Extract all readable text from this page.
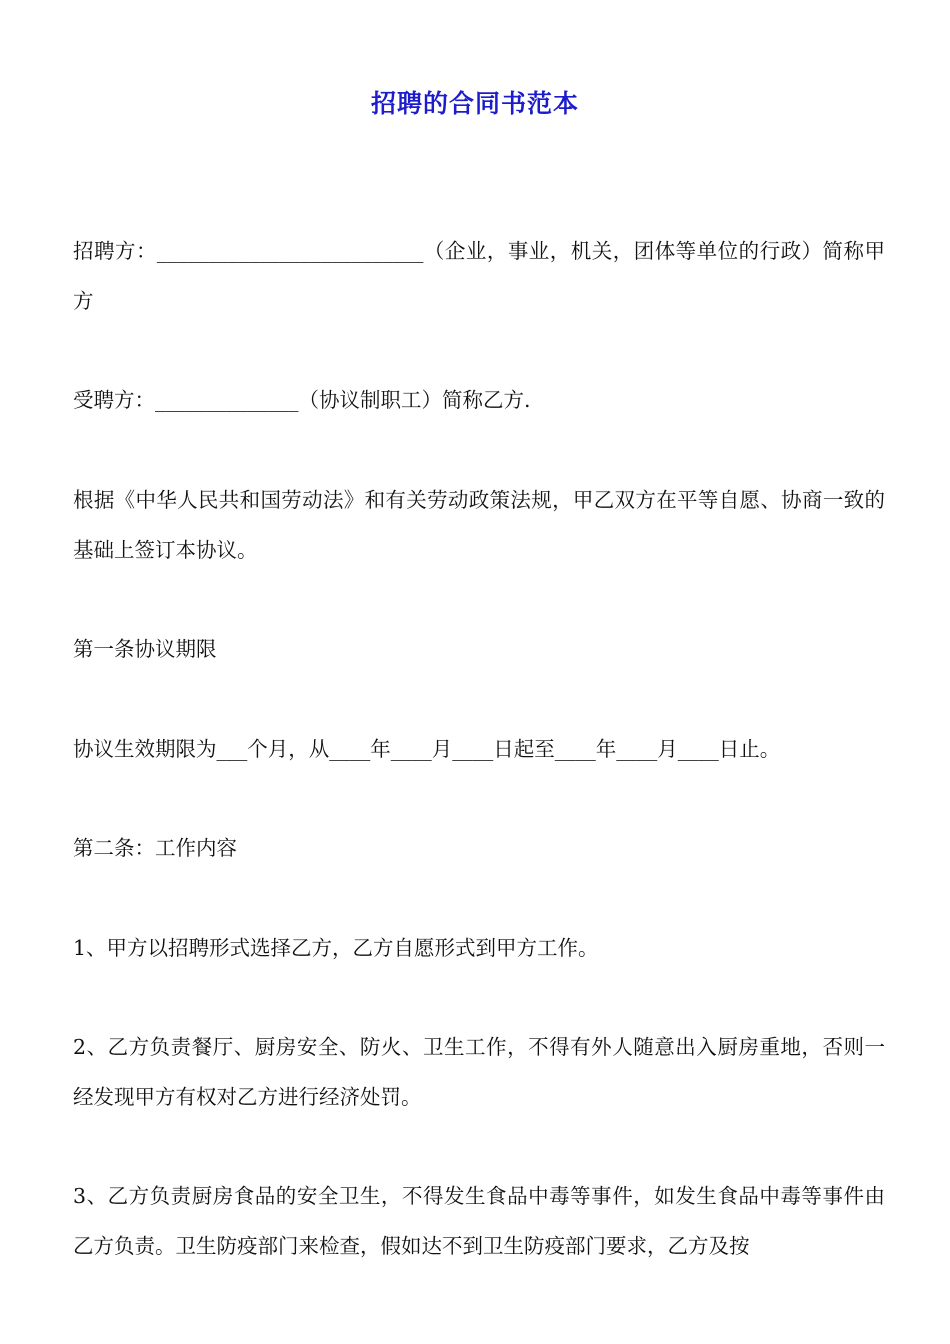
招聘的合同书范本
招聘方：__________________________（企业，事业，机关，团体等单位的行政）简称甲方
受聘方：______________（协议制职工）简称乙方.
根据《中华人民共和国劳动法》和有关劳动政策法规，甲乙双方在平等自愿、协商一致的基础上签订本协议。
第一条协议期限
协议生效期限为___个月，从____年____月____日起至____年____月____日止。
第二条：工作内容
1、甲方以招聘形式选择乙方，乙方自愿形式到甲方工作。
2、乙方负责餐厅、厨房安全、防火、卫生工作，不得有外人随意出入厨房重地，否则一经发现甲方有权对乙方进行经济处罚。
3、乙方负责厨房食品的安全卫生，不得发生食品中毒等事件，如发生食品中毒等事件由乙方负责。卫生防疫部门来检查，假如达不到卫生防疫部门要求，乙方及按
